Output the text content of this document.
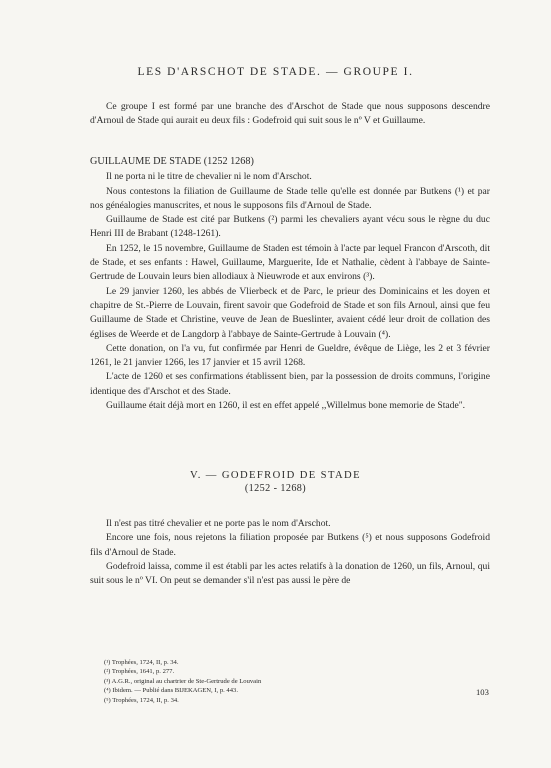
LES D'ARSCHOT DE STADE. — GROUPE I.

Ce groupe I est formé par une branche des d'Arschot de Stade que nous supposons descendre d'Arnoul de Stade qui aurait eu deux fils : Godefroid qui suit sous le nº V et Guillaume.

GUILLAUME DE STADE (1252 1268)

Il ne porta ni le titre de chevalier ni le nom d'Arschot.

Nous contestons la filiation de Guillaume de Stade telle qu'elle est donnée par Butkens (¹) et par nos généalogies manuscrites, et nous le supposons fils d'Arnoul de Stade.

Guillaume de Stade est cité par Butkens (²) parmi les chevaliers ayant vécu sous le règne du duc Henri III de Brabant (1248-1261).

En 1252, le 15 novembre, Guillaume de Staden est témoin à l'acte par lequel Francon d'Arscoth, dit de Stade, et ses enfants : Hawel, Guillaume, Marguerite, Ide et Nathalie, cèdent à l'abbaye de Sainte-Gertrude de Louvain leurs bien allodiaux à Nieuwrode et aux environs (³).

Le 29 janvier 1260, les abbés de Vlierbeck et de Parc, le prieur des Dominicains et les doyen et chapitre de St.-Pierre de Louvain, firent savoir que Godefroid de Stade et son fils Arnoul, ainsi que feu Guillaume de Stade et Christine, veuve de Jean de Bueslinter, avaient cédé leur droit de collation des églises de Weerde et de Langdorp à l'abbaye de Sainte-Gertrude à Louvain (⁴).

Cette donation, on l'a vu, fut confirmée par Henri de Gueldre, évêque de Liège, les 2 et 3 février 1261, le 21 janvier 1266, les 17 janvier et 15 avril 1268.

L'acte de 1260 et ses confirmations établissent bien, par la possession de droits communs, l'origine identique des d'Arschot et des Stade.

Guillaume était déjà mort en 1260, il est en effet appelé ,,Willelmus bone memorie de Stade".

V. — GODEFROID DE STADE
(1252 - 1268)

Il n'est pas titré chevalier et ne porte pas le nom d'Arschot.

Encore une fois, nous rejetons la filiation proposée par Butkens (⁵) et nous supposons Godefroid fils d'Arnoul de Stade.

Godefroid laissa, comme il est établi par les actes relatifs à la donation de 1260, un fils, Arnoul, qui suit sous le nº VI. On peut se demander s'il n'est pas aussi le père de

(¹) Trophées, 1724, II, p. 34.
(²) Trophées, 1641, p. 277.
(³) A.G.R., original au chartrier de Ste-Gertrude de Louvain
(⁴) Ibidem. — Publié dans BIJEKAGEN, I, p. 443.
(⁵) Trophées, 1724, II, p. 34.
103
